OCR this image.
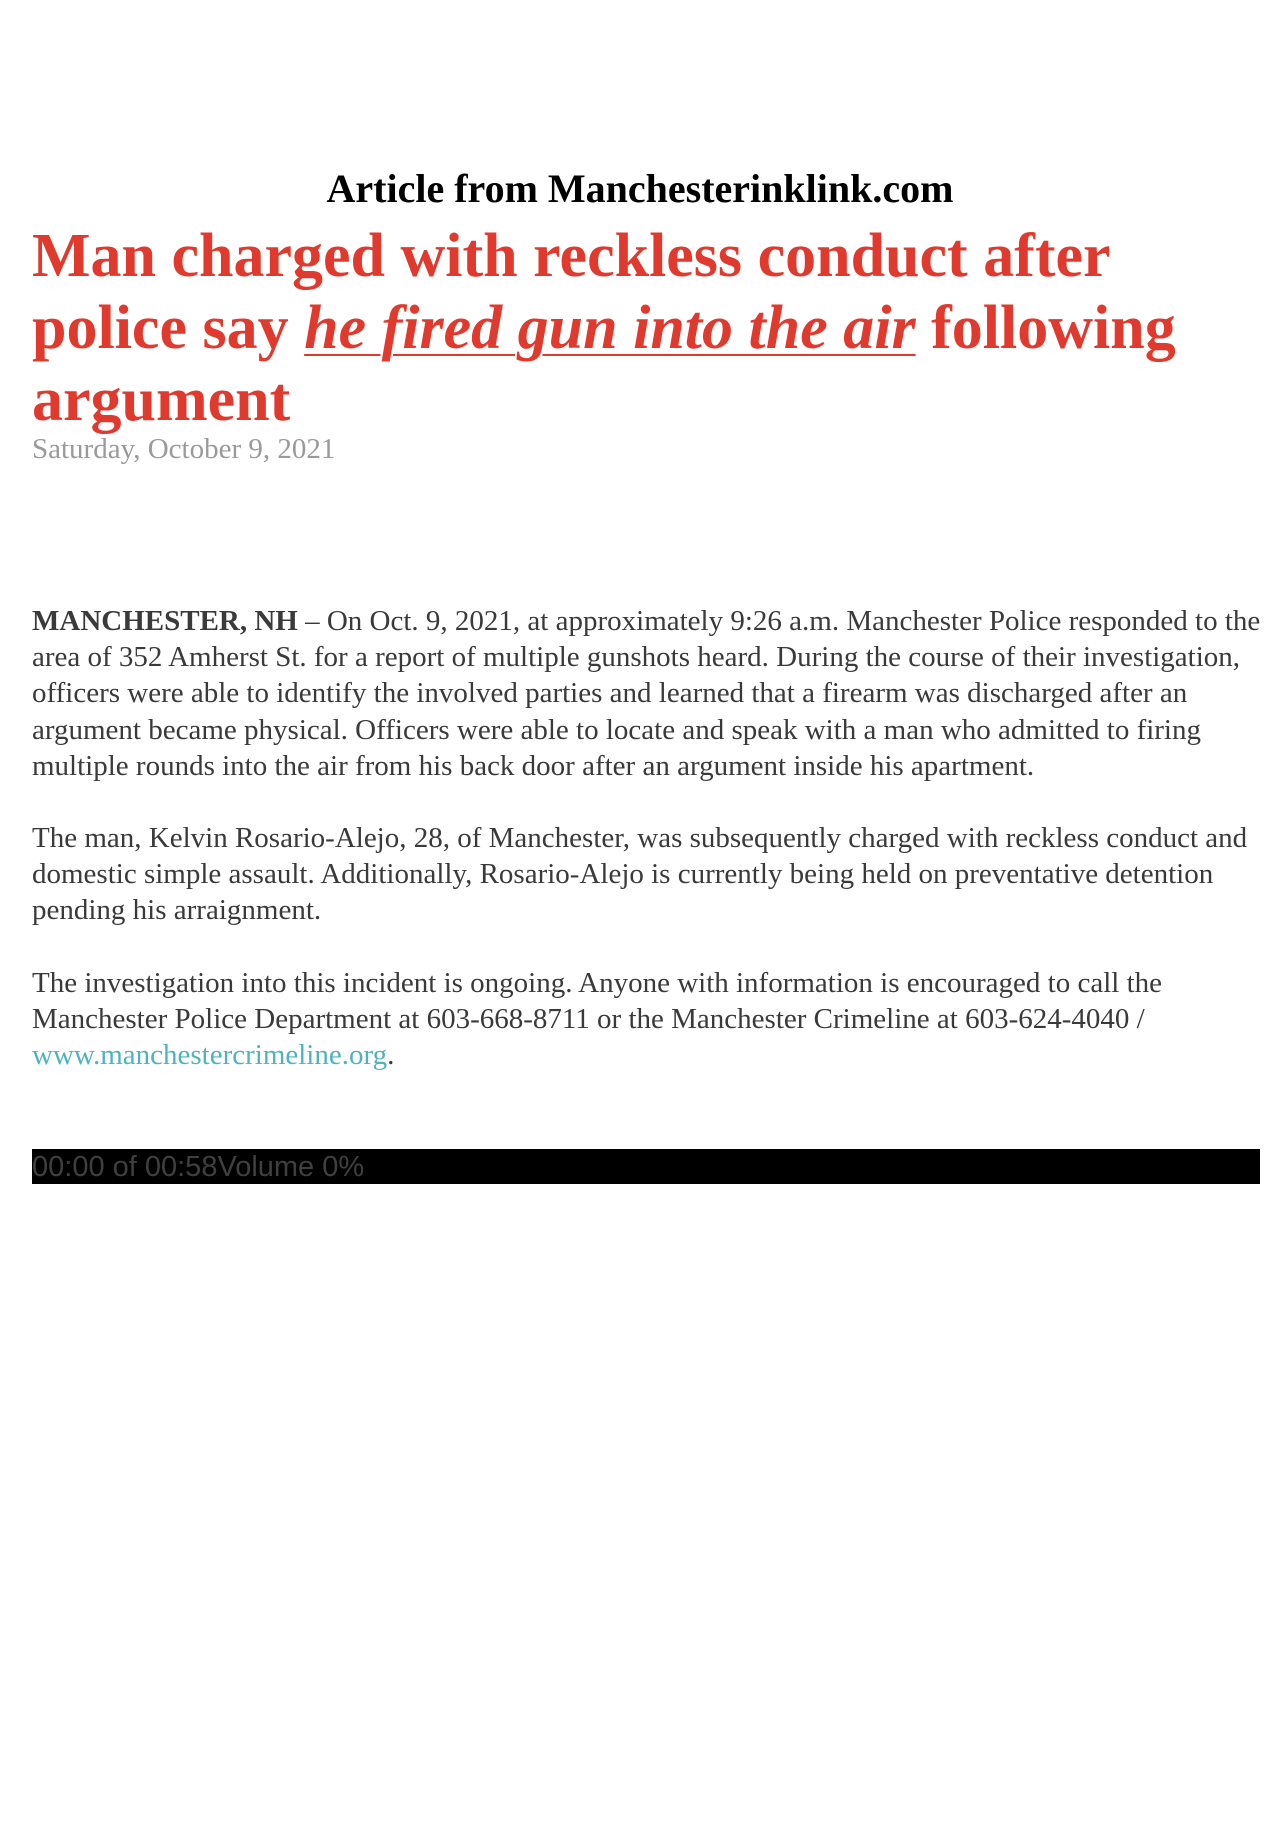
Article from Manchesterinklink.com
Man charged with reckless conduct after police say he fired gun into the air following argument
Saturday, October 9, 2021

MANCHESTER, NH – On Oct. 9, 2021, at approximately 9:26 a.m. Manchester Police responded to the area of 352 Amherst St. for a report of multiple gunshots heard. During the course of their investigation, officers were able to identify the involved parties and learned that a firearm was discharged after an argument became physical. Officers were able to locate and speak with a man who admitted to firing multiple rounds into the air from his back door after an argument inside his apartment.

The man, Kelvin Rosario-Alejo, 28, of Manchester, was subsequently charged with reckless conduct and domestic simple assault. Additionally, Rosario-Alejo is currently being held on preventative detention pending his arraignment.

The investigation into this incident is ongoing. Anyone with information is encouraged to call the Manchester Police Department at 603-668-8711 or the Manchester Crimeline at 603-624-4040 / www.manchestercrimeline.org.

00:00 of 00:58Volume 0%
